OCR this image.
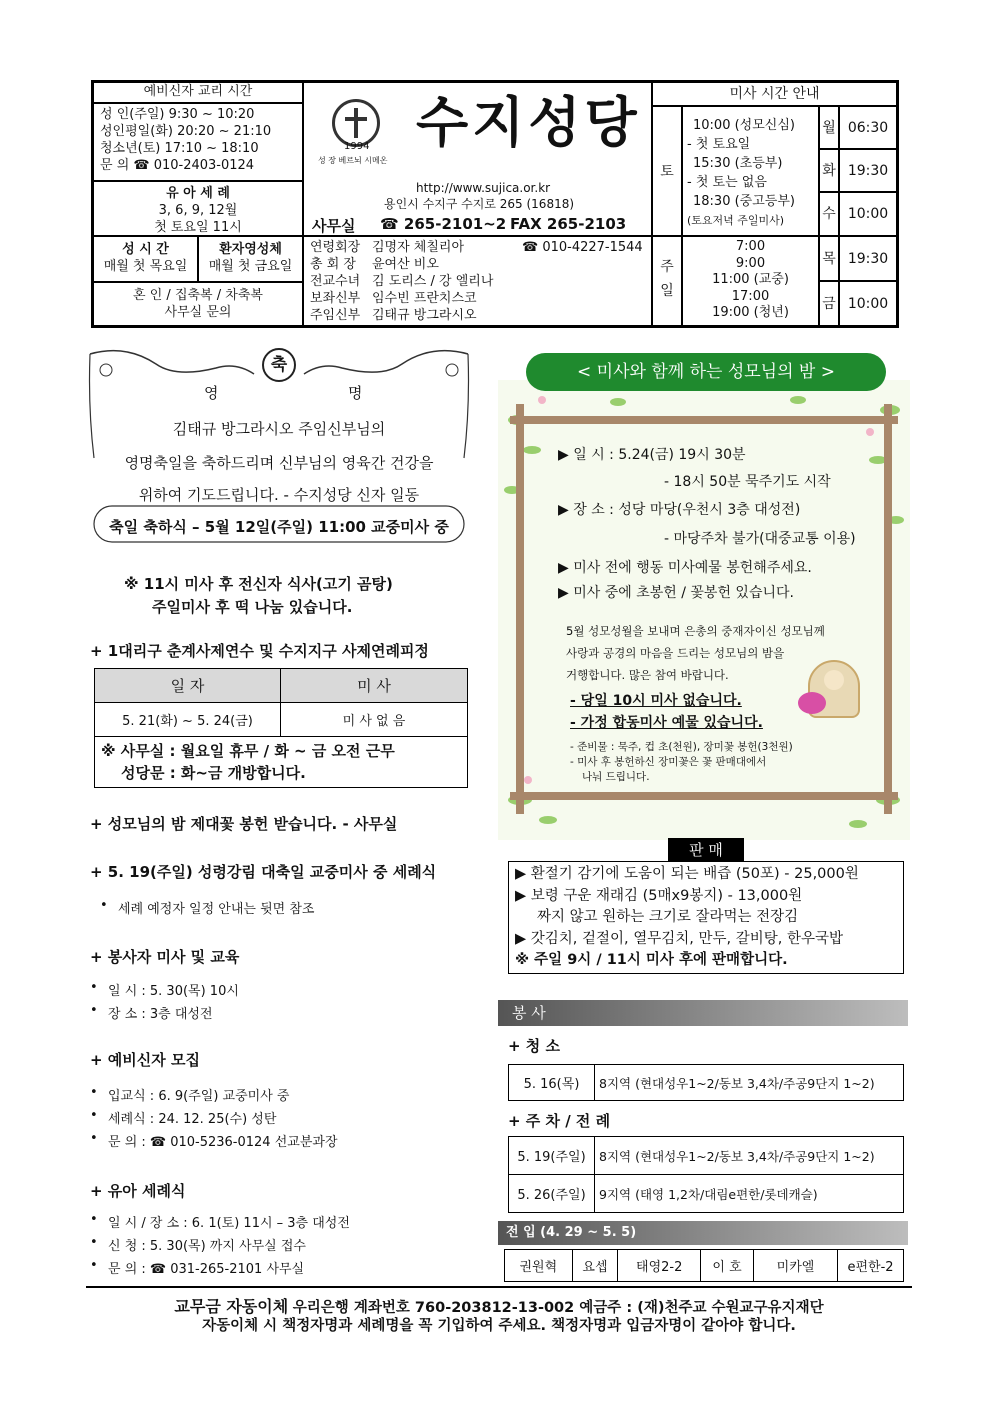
예비신자 교리 시간
성 인(주일) 9:30 ~ 10:20
성인평일(화) 20:20 ~ 21:10
청소년(토) 17:10 ~ 18:10
문 의 ☎ 010-2403-0124
유 아 세 례
3, 6, 9, 12월
첫 토요일 11시
성 시 간
매월 첫 목요일
환자영성체
매월 첫 금요일
혼 인 / 집축복 / 차축복
사무실 문의
1994
성 장 베르뇌 시메온
수지성당
http://www.sujica.or.kr
용인시 수지구 수지로 265 (16818)
사무실 ☎ 265-2101~2 FAX 265-2103
연령회장 김명자 체칠리아	☎ 010-4227-1544
총 회 장 윤여산 비오
전교수녀 김 도리스 / 강 엘리나
보좌신부 임수빈 프란치스코
주임신부 김태규 방그라시오
미사 시간 안내
토
10:00 (성모신심)
- 첫 토요일
15:30 (초등부)
- 첫 토는 없음
18:30 (중고등부)
(토요저녁 주일미사)
주일
7:00
9:00
11:00 (교중)
17:00
19:00 (청년)
월 06:30
화 19:30
수 10:00
목 19:30
금 10:00
축
영	명
김태규 방그라시오 주임신부님의
영명축일을 축하드리며 신부님의 영육간 건강을
위하여 기도드립니다. - 수지성당 신자 일동
축일 축하식 – 5월 12일(주일) 11:00 교중미사 중
※ 11시 미사 후 전신자 식사(고기 곰탕)
주일미사 후 떡 나눔 있습니다.
+ 1대리구 춘계사제연수 및 수지지구 사제연례피정
일 자	미 사
5. 21(화) ~ 5. 24(금)	미 사 없 음

※ 사무실 : 월요일 휴무 / 화 ~ 금 오전 근무
성당문 : 화~금 개방합니다.	
+ 성모님의 밤 제대꽃 봉헌 받습니다. - 사무실
+ 5. 19(주일) 성령강림 대축일 교중미사 중 세례식
• 세례 예정자 일정 안내는 뒷면 참조
+ 봉사자 미사 및 교육
• 일 시 : 5. 30(목) 10시
• 장 소 : 3층 대성전
+ 예비신자 모집
• 입교식 : 6. 9(주일) 교중미사 중
• 세례식 : 24. 12. 25(수) 성탄
• 문 의 : ☎ 010-5236-0124 선교분과장
+ 유아 세례식
• 일 시 / 장 소 : 6. 1(토) 11시 – 3층 대성전
• 신 청 : 5. 30(목) 까지 사무실 접수
• 문 의 : ☎ 031-265-2101 사무실
< 미사와 함께 하는 성모님의 밤 >
▶ 일 시 : 5.24(금) 19시 30분
- 18시 50분 묵주기도 시작
▶ 장 소 : 성당 마당(우천시 3층 대성전)
- 마당주차 불가(대중교통 이용)
▶ 미사 전에 행동 미사예물 봉헌해주세요.
▶ 미사 중에 초봉헌 / 꽃봉헌 있습니다.
5월 성모성월을 보내며 은총의 중재자이신 성모님께
사랑과 공경의 마음을 드리는 성모님의 밤을
거행합니다. 많은 참여 바랍니다.
- 당일 10시 미사 없습니다.
- 가정 합동미사 예물 있습니다.
- 준비물 : 묵주, 컵 초(천원), 장미꽃 봉헌(3천원)
- 미사 후 봉헌하신 장미꽃은 꽃 판매대에서
나눠 드립니다.
판 매
▶ 환절기 감기에 도움이 되는 배즙 (50포) - 25,000원
▶ 보령 구운 재래김 (5매x9봉지) - 13,000원
짜지 않고 원하는 크기로 잘라먹는 전장김
▶ 갓김치, 겉절이, 열무김치, 만두, 갈비탕, 한우국밥
※ 주일 9시 / 11시 미사 후에 판매합니다.
봉 사
+ 청 소
5. 16(목)	8지역 (현대성우1~2/동보 3,4차/주공9단지 1~2)
+ 주 차 / 전 례
5. 19(주일)	8지역 (현대성우1~2/동보 3,4차/주공9단지 1~2)
5. 26(주일)	9지역 (태영 1,2차/대림e편한/롯데캐슬)
전 입 (4. 29 ~ 5. 5)
권원혁	요셉	태영2-2	이 호	미카엘	e편한-2
교무금 자동이체 우리은행 계좌번호 760-203812-13-002 예금주 : (재)천주교 수원교구유지재단
자동이체 시 책정자명과 세례명을 꼭 기입하여 주세요. 책정자명과 입금자명이 같아야 합니다.
